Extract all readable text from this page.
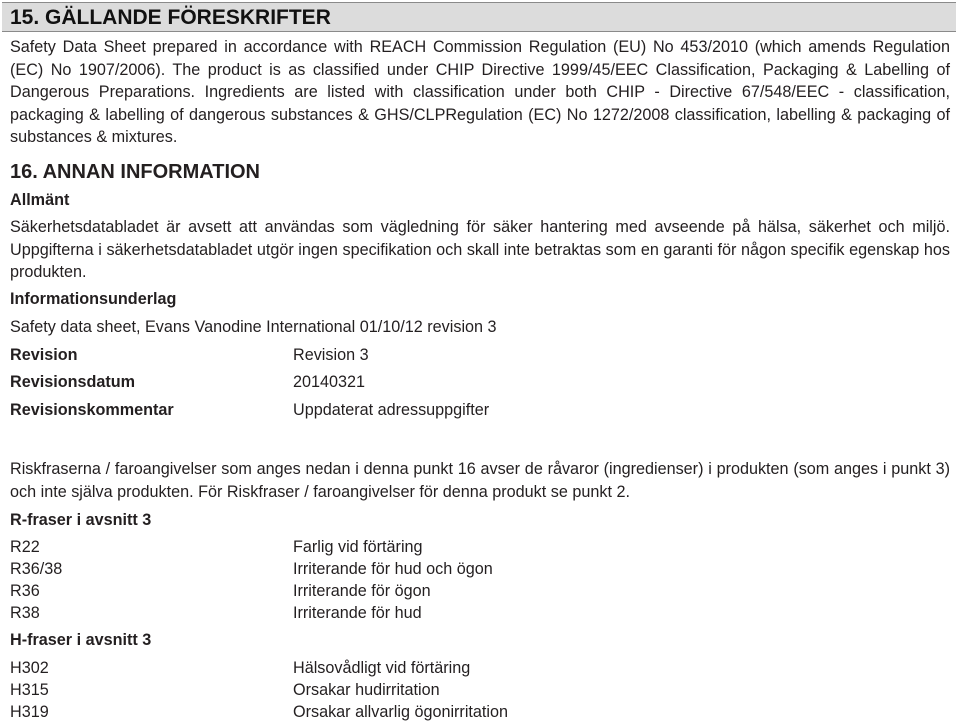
15. GÄLLANDE FÖRESKRIFTER
Safety Data Sheet prepared in accordance with REACH Commission Regulation (EU) No 453/2010 (which amends Regulation (EC) No 1907/2006). The product is as classified under CHIP Directive 1999/45/EEC Classification, Packaging & Labelling of Dangerous Preparations. Ingredients are listed with classification under both CHIP - Directive 67/548/EEC - classification, packaging & labelling of dangerous substances & GHS/CLPRegulation (EC) No 1272/2008 classification, labelling & packaging of substances & mixtures.
16. ANNAN INFORMATION
Allmänt
Säkerhetsdatabladet är avsett att användas som vägledning för säker hantering med avseende på hälsa, säkerhet och miljö. Uppgifterna i säkerhetsdatabladet utgör ingen specifikation och skall inte betraktas som en garanti för någon specifik egenskap hos produkten.
Informationsunderlag
Safety data sheet, Evans Vanodine International 01/10/12 revision 3
Revision	Revision 3
Revisionsdatum	20140321
Revisionskommentar	Uppdaterat adressuppgifter
Riskfraserna / faroangivelser som anges nedan i denna punkt 16 avser de råvaror (ingredienser) i produkten (som anges i punkt 3) och inte själva produkten. För Riskfraser / faroangivelser för denna produkt se punkt 2.
R-fraser i avsnitt 3
R22	Farlig vid förtäring
R36/38	Irriterande för hud och ögon
R36	Irriterande för ögon
R38	Irriterande för hud
H-fraser i avsnitt 3
H302	Hälsovådligt vid förtäring
H315	Orsakar hudirritation
H319	Orsakar allvarlig ögonirritation
